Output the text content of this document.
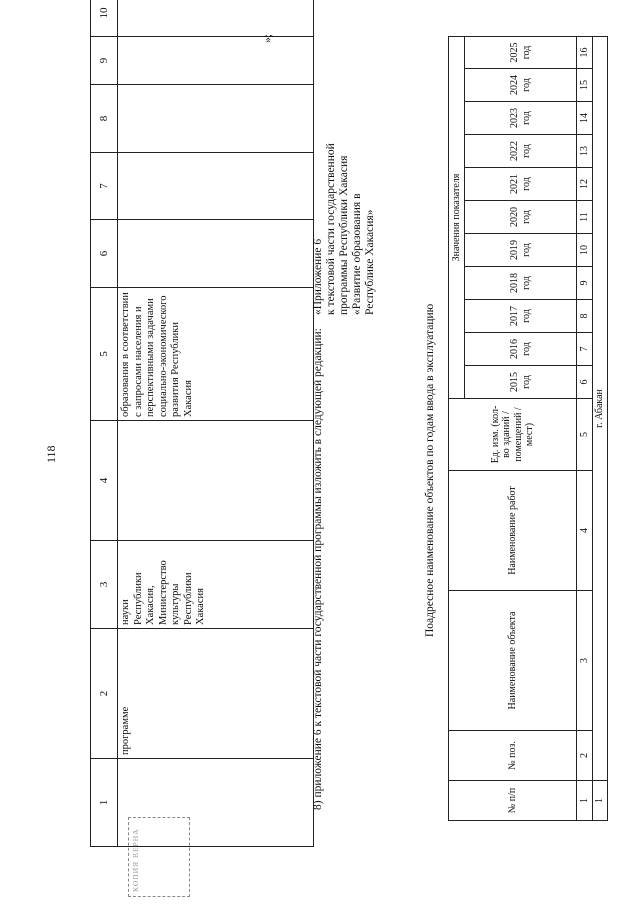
118
1	2	3	4	5	6	7	8	9	10	
	программе	науки Республики Хакасия, Министерство культуры Республики Хакасия		образования в соответствии с запросами населения и перспективными задачами социально-экономического развития Республики Хакасия						
»;
КОПИЯ ВЕРНА
8) приложение 6 к текстовой части государственной программы изложить в следующей редакции:
«Приложение 6 к текстовой части государственной программы Республики Хакасия «Развитие образования в Республике Хакасия»
Поадресное наименование объектов по годам ввода в эксплуатацию
№ п/п	№ поз.	Наименование объекта	Наименование работ	Ед. изм. (кол-во зданий / помещений / мест)	Значения показателя										
					2015 год	2016 год	2017 год	2018 год	2019 год	2020 год	2021 год	2022 год	2023 год	2024 год	2025 год
1	2	3	4	5	6	7	8	9	10	11	12	13	14	15	16
1	г. Абакан														
